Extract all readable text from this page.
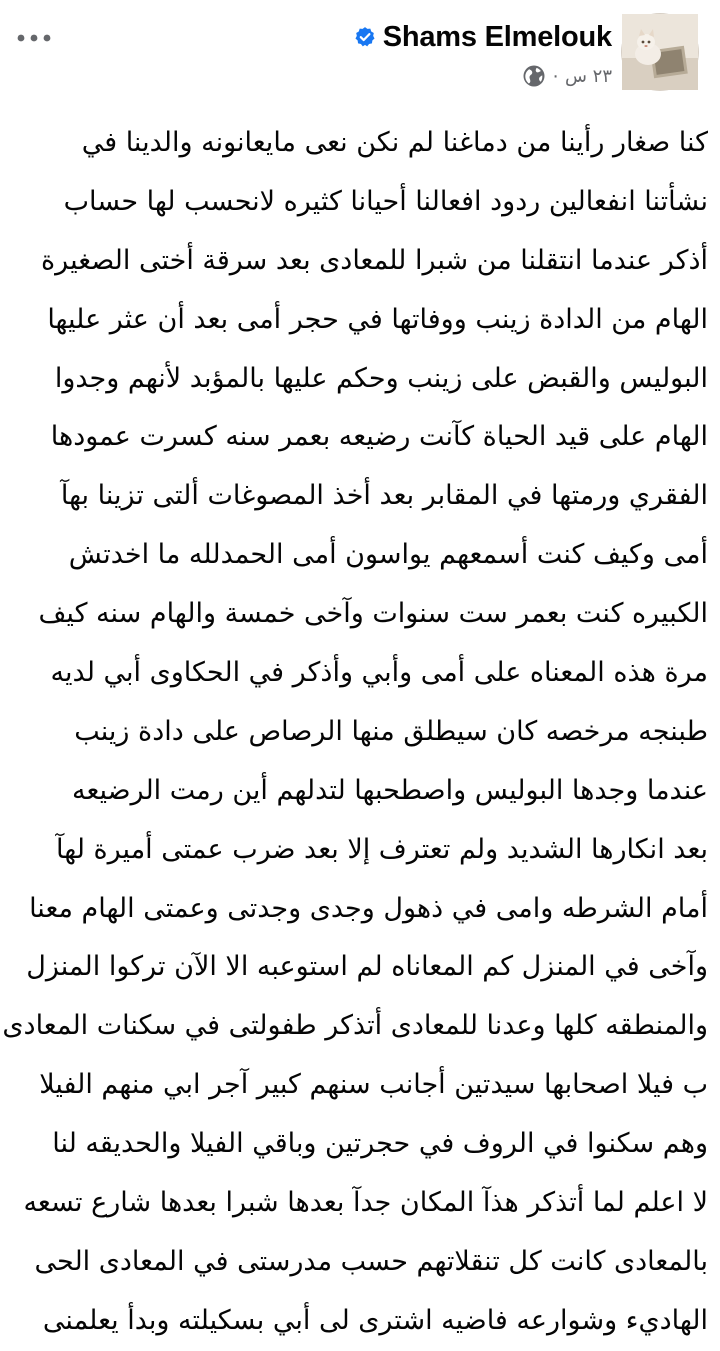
Shams Elmelouk
· ٢٣ س
كنا صغار رأينا من دماغنا لم نكن نعى مايعانونه والدينا في
نشأتنا انفعالين ردود افعالنا أحيانا كثيره لانحسب لها حساب
أذكر عندما انتقلنا من شبرا للمعادى بعد سرقة أختى الصغيرة
الهام من الدادة زينب ووفاتها في حجر أمى بعد أن عثر عليها
البوليس والقبض على زينب وحكم عليها بالمؤبد لأنهم وجدوا
الهام على قيد الحياة كآنت رضيعه بعمر سنه كسرت عمودها
الفقري ورمتها في المقابر بعد أخذ المصوغات ألتى تزينا بهآ
أمى وكيف كنت أسمعهم يواسون أمى الحمدلله ما اخدتش
الكبيره كنت بعمر ست سنوات وآخى خمسة والهام سنه كيف
مرة هذه المعناه على أمى وأبي وأذكر في الحكاوى أبي لديه
طبنجه مرخصه كان سيطلق منها الرصاص على دادة زينب
عندما وجدها البوليس واصطحبها لتدلهم أين رمت الرضيعه
بعد انكارها الشديد ولم تعترف إلا بعد ضرب عمتى أميرة لهآ
أمام الشرطه وامى في ذهول وجدى وجدتى وعمتى الهام معنا
وآخى في المنزل كم المعاناه لم استوعبه الا الآن تركوا المنزل
والمنطقه كلها وعدنا للمعادى أتذكر طفولتى في سكنات المعادى
ب فيلا اصحابها سيدتين أجانب سنهم كبير آجر ابي منهم الفيلا
وهم سكنوا في الروف في حجرتين وباقي الفيلا والحديقه لنا
لا اعلم لما أتذكر هذآ المكان جدآ بعدها شبرا بعدها شارع تسعه
بالمعادى كانت كل تنقلاتهم حسب مدرستى في المعادى الحى
الهاديء وشوارعه فاضيه اشترى لى أبي بسكيلته وبدأ يعلمنى
